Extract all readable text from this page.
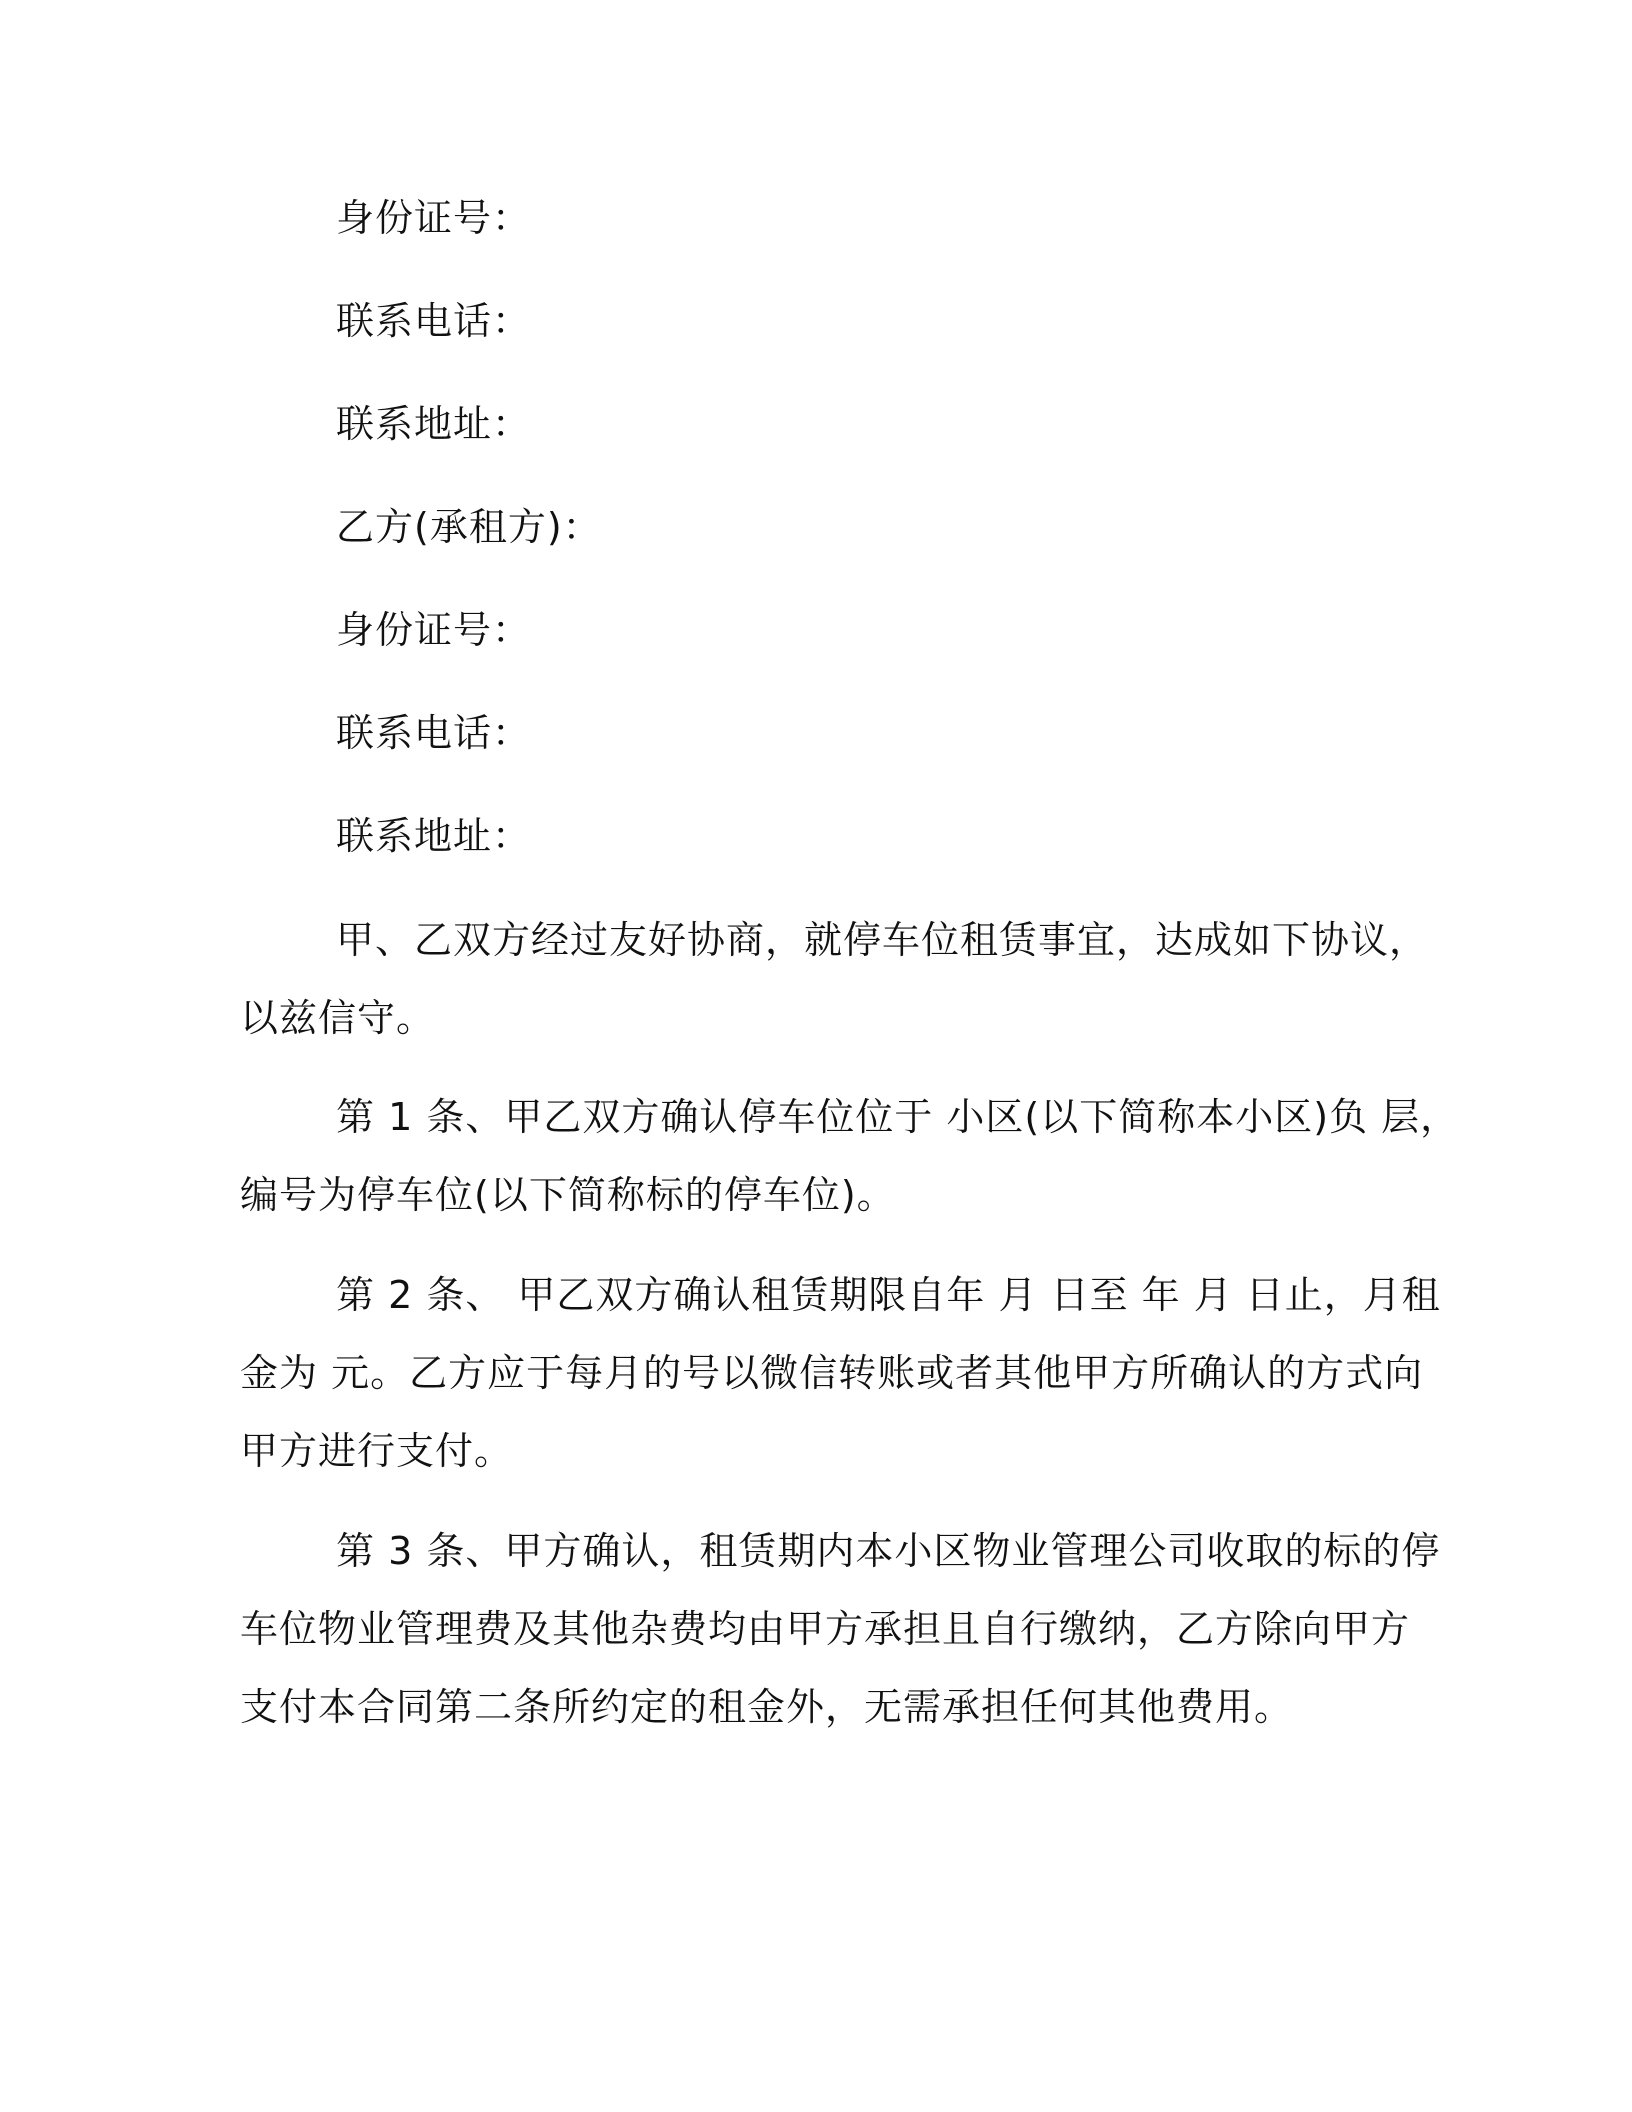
身份证号：
联系电话：
联系地址：
乙方(承租方)：
身份证号：
联系电话：
联系地址：
甲、乙双方经过友好协商，就停车位租赁事宜，达成如下协议，
以兹信守。
第 1 条、甲乙双方确认停车位位于 小区(以下简称本小区)负 层，
编号为停车位(以下简称标的停车位)。
第 2 条、 甲乙双方确认租赁期限自年 月 日至 年 月 日止，月租
金为 元。乙方应于每月的号以微信转账或者其他甲方所确认的方式向
甲方进行支付。
第 3 条、甲方确认，租赁期内本小区物业管理公司收取的标的停
车位物业管理费及其他杂费均由甲方承担且自行缴纳，乙方除向甲方
支付本合同第二条所约定的租金外，无需承担任何其他费用。
